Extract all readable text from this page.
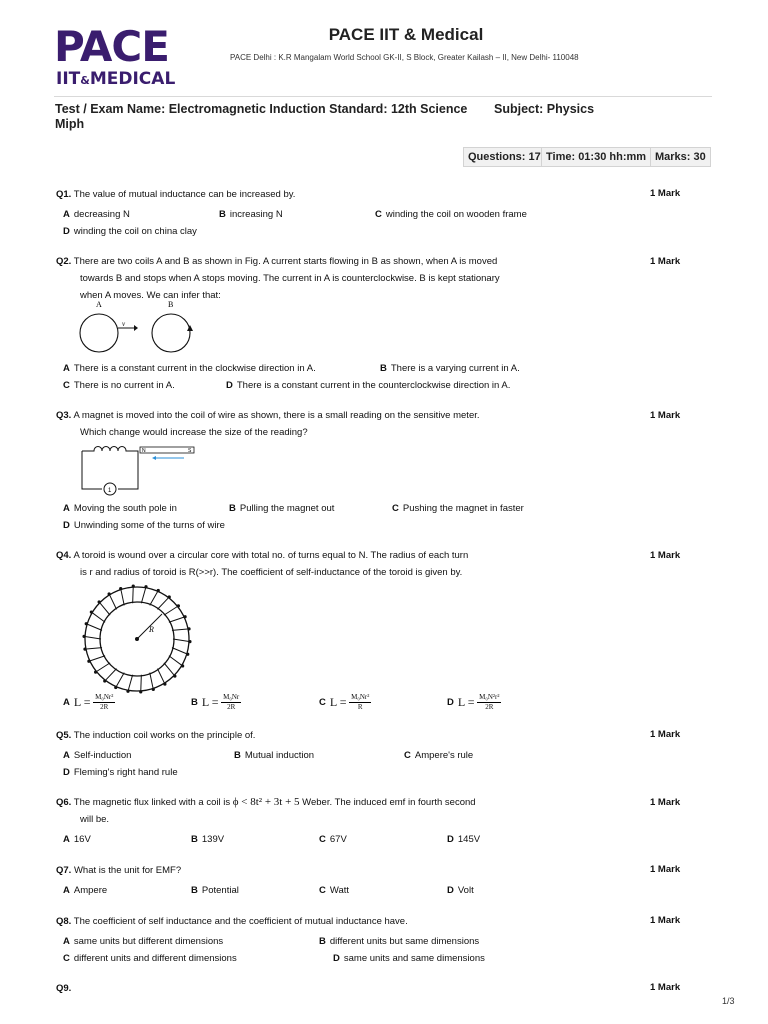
PACE
IIT&MEDICAL
PACE IIT & Medical
PACE Delhi : K.R Mangalam World School GK-II, S Block, Greater Kailash – II, New Delhi- 110048
Test / Exam Name: Electromagnetic Induction Standard: 12th Science Miph
Subject: Physics
Questions: 17 Time: 01:30 hh:mm Marks: 30
Q1. The value of mutual inductance can be increased by.	1 Mark
A decreasing N	B increasing N	C winding the coil on wooden frame
D winding the coil on china clay
Q2. There are two coils A and B as shown in Fig. A current starts flowing in B as shown, when A is moved
towards B and stops when A stops moving. The current in A is counterclockwise. B is kept stationary
when A moves. We can infer that:
1 Mark
A	B
v
A There is a constant current in the clockwise direction in A.	B There is a varying current in A.
C There is no current in A.	D There is a constant current in the counterclockwise direction in A.
Q3. A magnet is moved into the coil of wire as shown, there is a small reading on the sensitive meter.
Which change would increase the size of the reading?
1 Mark
1
N	S
A Moving the south pole in	B Pulling the magnet out	C Pushing the magnet in faster
D Unwinding some of the turns of wire
Q4. A toroid is wound over a circular core with total no. of turns equal to N. The radius of each turn
is r and radius of toroid is R(>>r). The coefficient of self-inductance of the toroid is given by.
1 Mark
R
A $L = \frac{\text{M₀Nr²}}{2R}$	B $L = \frac{\text{M₀Nr}}{2R}$	C $L = \frac{\text{M₀Nr²}}{R}$	D $L = \frac{\text{M₀N²r²}}{2R}$
Q5. The induction coil works on the principle of.	1 Mark
A Self-induction	B Mutual induction	C Ampere's rule
D Fleming's right hand rule
Q6. The magnetic flux linked with a coil is ϕ < 8t² + 3t + 5 Weber. The induced emf in fourth second
will be.
1 Mark
A 16V	B 139V	C 67V	D 145V
Q7. What is the unit for EMF?	1 Mark
A Ampere	B Potential	C Watt	D Volt
Q8. The coefficient of self inductance and the coefficient of mutual inductance have.	1 Mark
A same units but different dimensions	B different units but same dimensions
C different units and different dimensions	D same units and same dimensions
Q9.	1 Mark
1/3
